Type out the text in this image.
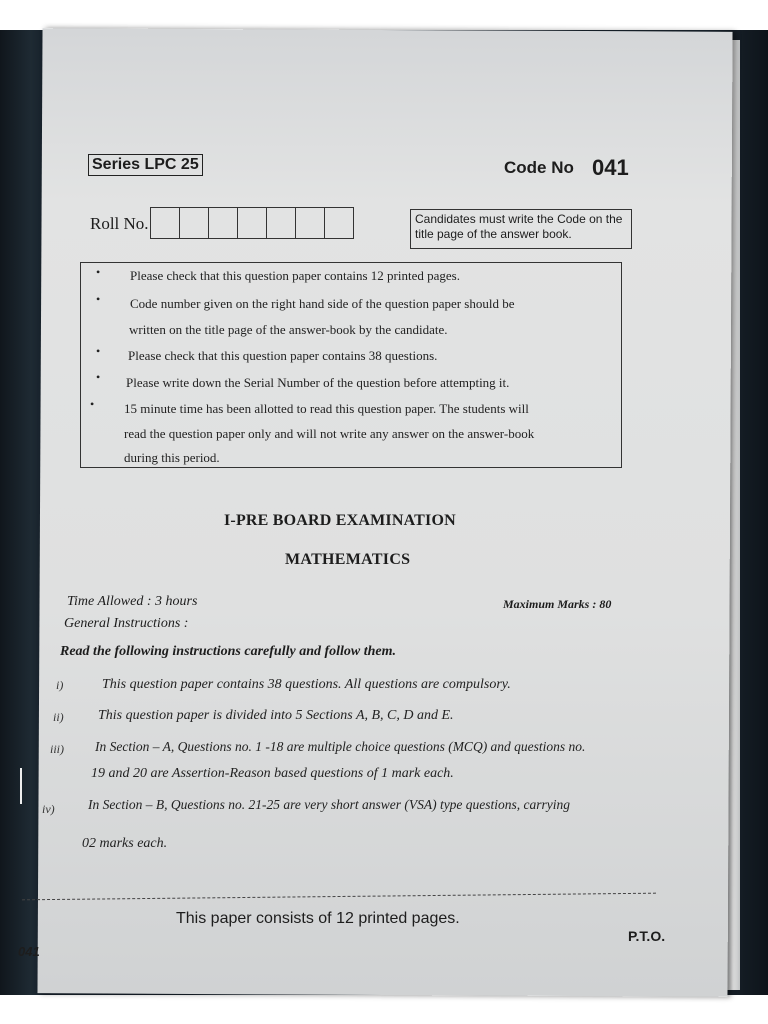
Series LPC 25	Code No 041
Roll No.	Candidates must write the Code on the
title page of the answer book.
• Please check that this question paper contains 12 printed pages.
• Code number given on the right hand side of the question paper should be
written on the title page of the answer-book by the candidate.
• Please check that this question paper contains 38 questions.
• Please write down the Serial Number of the question before attempting it.
• 15 minute time has been allotted to read this question paper. The students will
read the question paper only and will not write any answer on the answer-book
during this period.
I-PRE BOARD EXAMINATION
MATHEMATICS
Time Allowed : 3 hours	Maximum Marks : 80
General Instructions :
Read the following instructions carefully and follow them.
i)	This question paper contains 38 questions. All questions are compulsory.
ii) This question paper is divided into 5 Sections A, B, C, D and E.
iii) In Section – A, Questions no. 1 -18 are multiple choice questions (MCQ) and questions no.
19 and 20 are Assertion-Reason based questions of 1 mark each.
iv) In Section – B, Questions no. 21-25 are very short answer (VSA) type questions, carrying
02 marks each.
This paper consists of 12 printed pages.
P.T.O.
041
